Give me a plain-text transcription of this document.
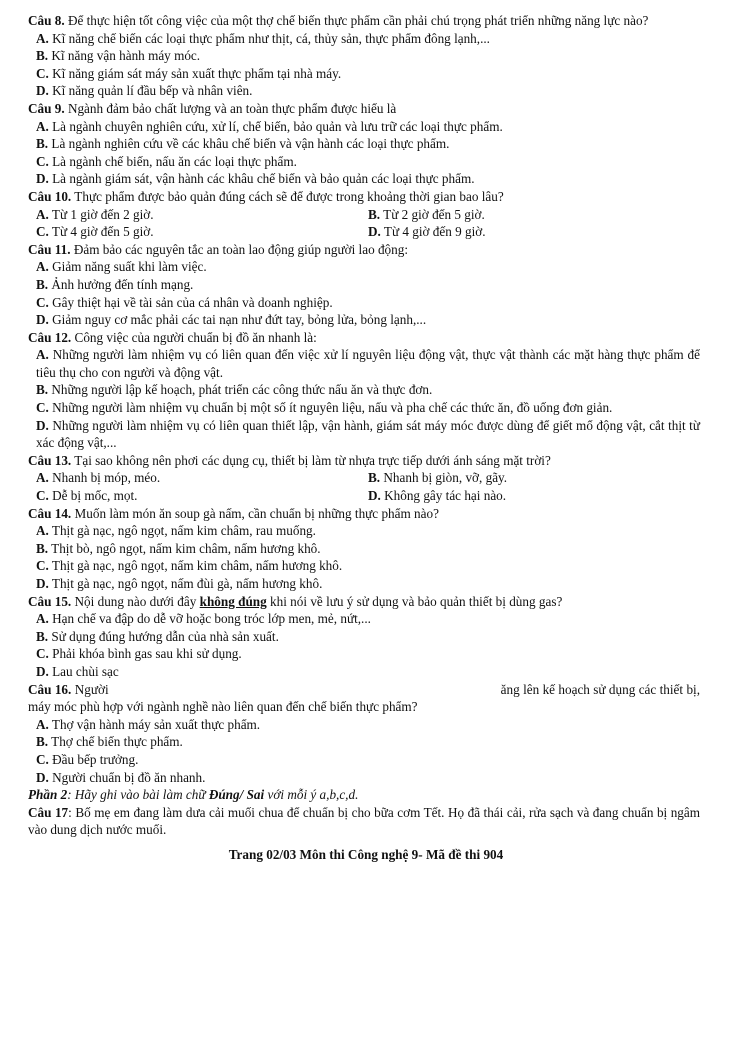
Câu 8. Để thực hiện tốt công việc của một thợ chế biến thực phẩm cần phải chú trọng phát triển những năng lực nào?

A. Kĩ năng chế biến các loại thực phẩm như thịt, cá, thủy sản, thực phẩm đông lạnh,...

B. Kĩ năng vận hành máy móc.

C. Kĩ năng giám sát máy sản xuất thực phẩm tại nhà máy.

D. Kĩ năng quản lí đầu bếp và nhân viên.

Câu 9. Ngành đảm bảo chất lượng và an toàn thực phẩm được hiểu là

A. Là ngành chuyên nghiên cứu, xử lí, chế biến, bảo quản và lưu trữ các loại thực phẩm.

B. Là ngành nghiên cứu về các khâu chế biến và vận hành các loại thực phẩm.

C. Là ngành chế biến, nấu ăn các loại thực phẩm.

D. Là ngành giám sát, vận hành các khâu chế biến và bảo quản các loại thực phẩm.

Câu 10. Thực phẩm được bảo quản đúng cách sẽ để được trong khoảng thời gian bao lâu?

A. Từ 1 giờ đến 2 giờ.	B. Từ 2 giờ đến 5 giờ.
C. Từ 4 giờ đến 5 giờ.	D. Từ 4 giờ đến 9 giờ.

Câu 11. Đảm bảo các nguyên tắc an toàn lao động giúp người lao động:

A. Giảm năng suất khi làm việc.

B. Ảnh hưởng đến tính mạng.

C. Gây thiệt hại về tài sản của cá nhân và doanh nghiệp.

D. Giảm nguy cơ mắc phải các tai nạn như đứt tay, bỏng lửa, bỏng lạnh,...

Câu 12. Công việc của người chuẩn bị đồ ăn nhanh là:

A. Những người làm nhiệm vụ có liên quan đến việc xử lí nguyên liệu động vật, thực vật thành các mặt hàng thực phẩm để tiêu thụ cho con người và động vật.

B. Những người lập kế hoạch, phát triển các công thức nấu ăn và thực đơn.

C. Những người làm nhiệm vụ chuẩn bị một số ít nguyên liệu, nấu và pha chế các thức ăn, đồ uống đơn giản.

D. Những người làm nhiệm vụ có liên quan thiết lập, vận hành, giám sát máy móc được dùng để giết mổ động vật, cắt thịt từ xác động vật,...

Câu 13. Tại sao không nên phơi các dụng cụ, thiết bị làm từ nhựa trực tiếp dưới ánh sáng mặt trời?

A. Nhanh bị móp, méo.	B. Nhanh bị giòn, vỡ, gãy.
C. Dễ bị mốc, mọt.	D. Không gây tác hại nào.

Câu 14. Muốn làm món ăn soup gà nấm, cần chuẩn bị những thực phẩm nào?

A. Thịt gà nạc, ngô ngọt, nấm kim châm, rau muống.

B. Thịt bò, ngô ngọt, nấm kim châm, nấm hương khô.

C. Thịt gà nạc, ngô ngọt, nấm kim châm, nấm hương khô.

D. Thịt gà nạc, ngô ngọt, nấm đùi gà, nấm hương khô.

Câu 15. Nội dung nào dưới đây không đúng khi nói về lưu ý sử dụng và bảo quản thiết bị dùng gas?

A. Hạn chế va đập do dễ vỡ hoặc bong tróc lớp men, mẻ, nứt,...

B. Sử dụng đúng hướng dẫn của nhà sản xuất.

C. Phải khóa bình gas sau khi sử dụng.

D. Lau chùi sạc

Câu 16. Người                                                                                                                    ăng lên kế hoạch sử dụng các thiết bị, máy móc phù hợp với ngành nghề nào liên quan đến chế biến thực phẩm?

A. Thợ vận hành máy sản xuất thực phẩm.

B. Thợ chế biến thực phẩm.

C. Đầu bếp trưởng.

D. Người chuẩn bị đồ ăn nhanh.

Phần 2: Hãy ghi vào bài làm chữ Đúng/ Sai với mỗi ý a,b,c,d.

Câu 17: Bố mẹ em đang làm dưa cải muối chua để chuẩn bị cho bữa cơm Tết. Họ đã thái cải, rửa sạch và đang chuẩn bị ngâm vào dung dịch nước muối.

Trang 02/03 Môn thi Công nghệ 9- Mã đề thi 904
